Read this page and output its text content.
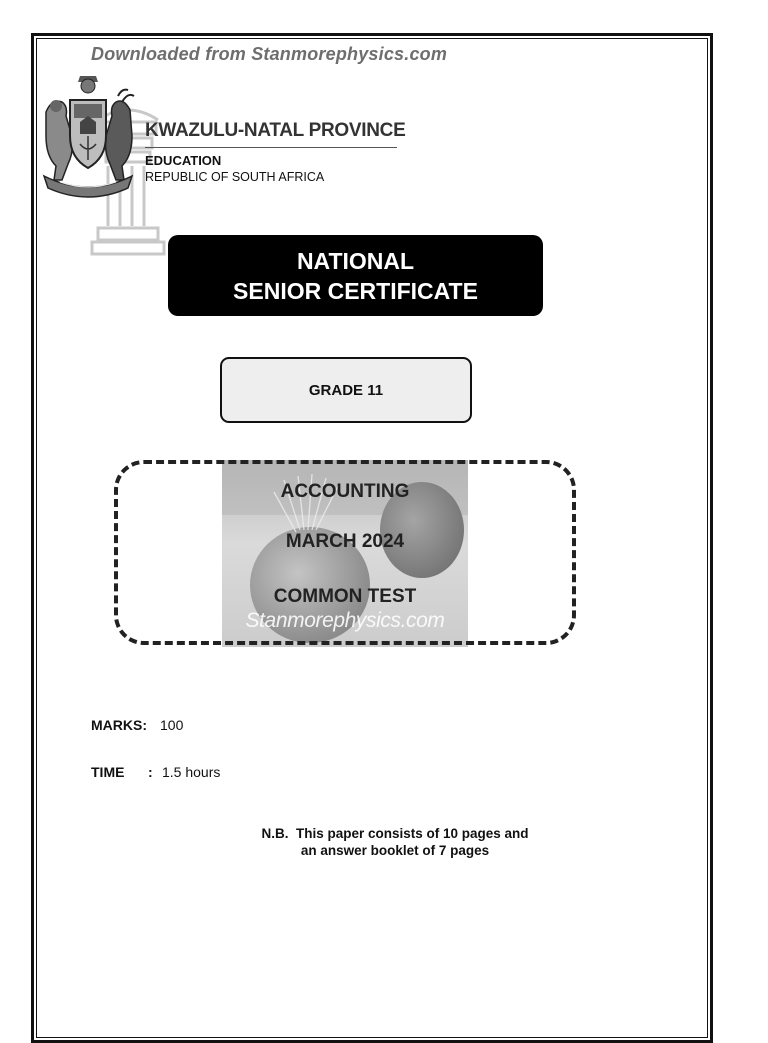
Downloaded from Stanmorephysics.com
KWAZULU-NATAL PROVINCE
EDUCATION
REPUBLIC OF SOUTH AFRICA
NATIONAL
SENIOR CERTIFICATE
GRADE 11
ACCOUNTING
MARCH 2024
COMMON TEST
Stanmorephysics.com
MARKS: 100
TIME : 1.5 hours
N.B.  This paper consists of 10 pages and
an answer booklet of 7 pages
